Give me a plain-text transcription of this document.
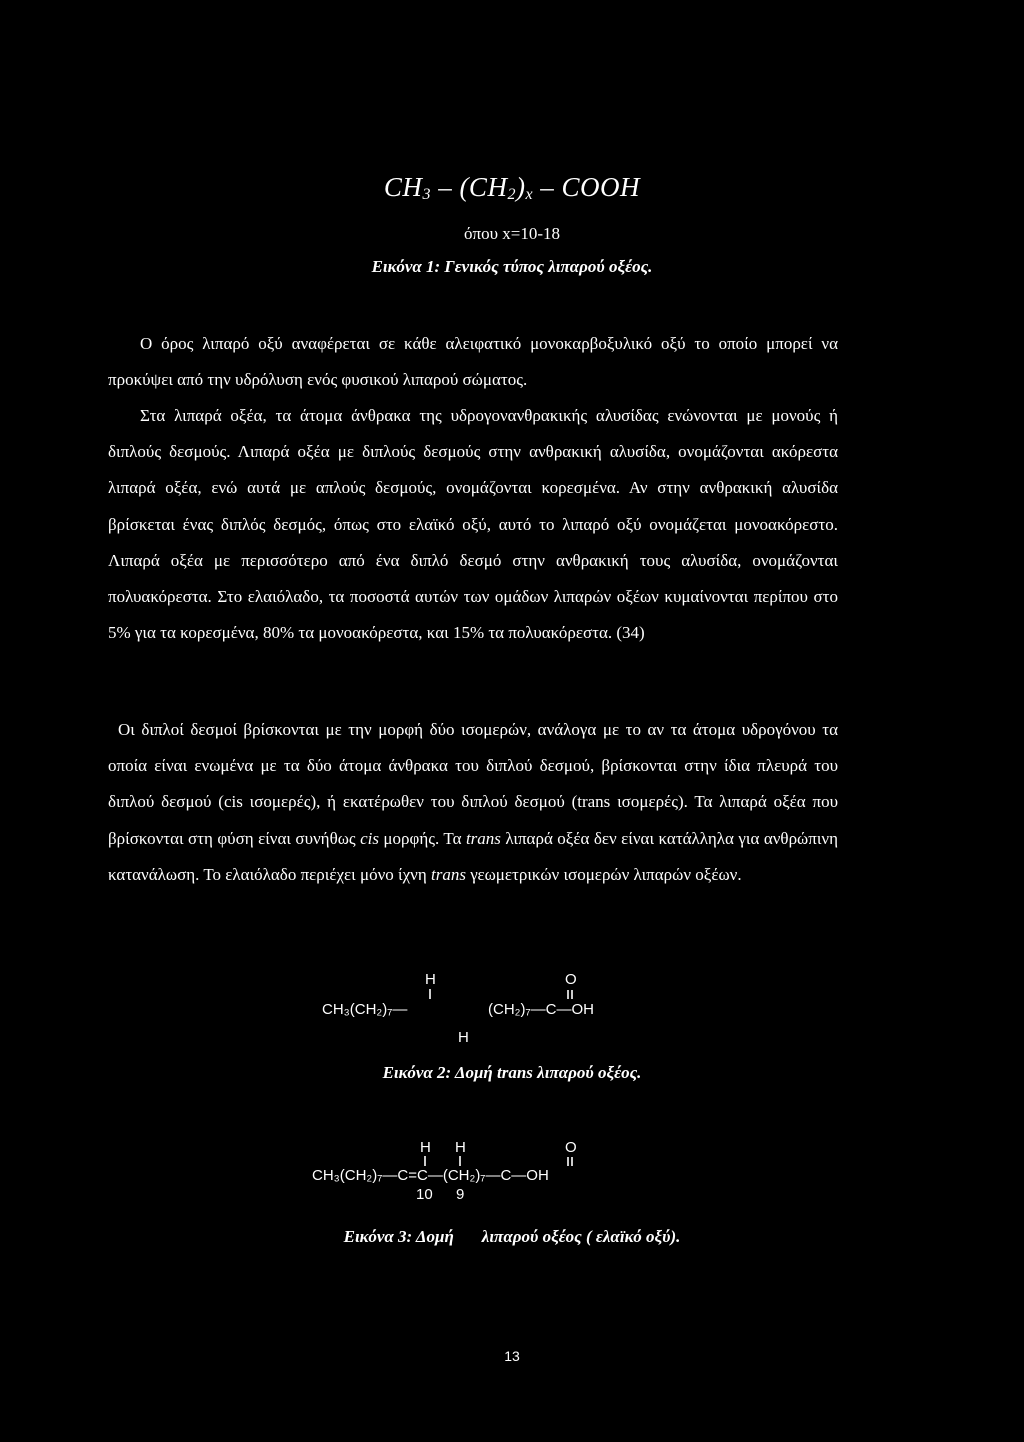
$CH_3 - (CH_2)_x$ – COOH
όπου x=10-18
Εικόνα 1: Γενικός τύπος λιπαρού οξέος.

Ο όρος λιπαρό οξύ αναφέρεται σε κάθε αλειφατικό μονοκαρβοξυλικό οξύ το οποίο μπορεί να προκύψει από την υδρόλυση ενός φυσικού λιπαρού σώματος.

Στα λιπαρά οξέα, τα άτομα άνθρακα της υδρογονανθρακικής αλυσίδας ενώνονται με μονούς ή διπλούς δεσμούς. Λιπαρά οξέα με διπλούς δεσμούς στην ανθρακική αλυσίδα, ονομάζονται ακόρεστα λιπαρά οξέα, ενώ αυτά με απλούς δεσμούς, ονομάζονται κορεσμένα. Αν στην ανθρακική αλυσίδα βρίσκεται ένας διπλός δεσμός, όπως στο ελαϊκό οξύ, αυτό το λιπαρό οξύ ονομάζεται μονοακόρεστο. Λιπαρά οξέα με περισσότερο από ένα διπλό δεσμό στην ανθρακική τους αλυσίδα, ονομάζονται πολυακόρεστα. Στο ελαιόλαδο, τα ποσοστά αυτών των ομάδων λιπαρών οξέων κυμαίνονται περίπου στο 5% για τα κορεσμένα, 80% τα μονοακόρεστα, και 15% τα πολυακόρεστα. (34)

Οι διπλοί δεσμοί βρίσκονται με την μορφή δύο ισομερών, ανάλογα με το αν τα άτομα υδρογόνου τα οποία είναι ενωμένα με τα δύο άτομα άνθρακα του διπλού δεσμού, βρίσκονται στην ίδια πλευρά του διπλού δεσμού (cis ισομερές), ή εκατέρωθεν του διπλού δεσμού (trans ισομερές). Τα λιπαρά οξέα που βρίσκονται στη φύση είναι συνήθως cis μορφής. Τα trans λιπαρά οξέα δεν είναι κατάλληλα για ανθρώπινη κατανάλωση. Το ελαιόλαδο περιέχει μόνο ίχνη trans γεωμετρικών ισομερών λιπαρών οξέων.

H	O
CH₃(CH₂)₇—	(CH₂)₇—C—OH
H
H H	O
CH₃(CH₂)₇—C=C—(CH₂)₇—C—OH
10 9
Εικόνα 2: Δομή trans λιπαρού οξέος.
Εικόνα 3: Δομή λιπαρού οξέος ( ελαϊκό οξύ).
13
